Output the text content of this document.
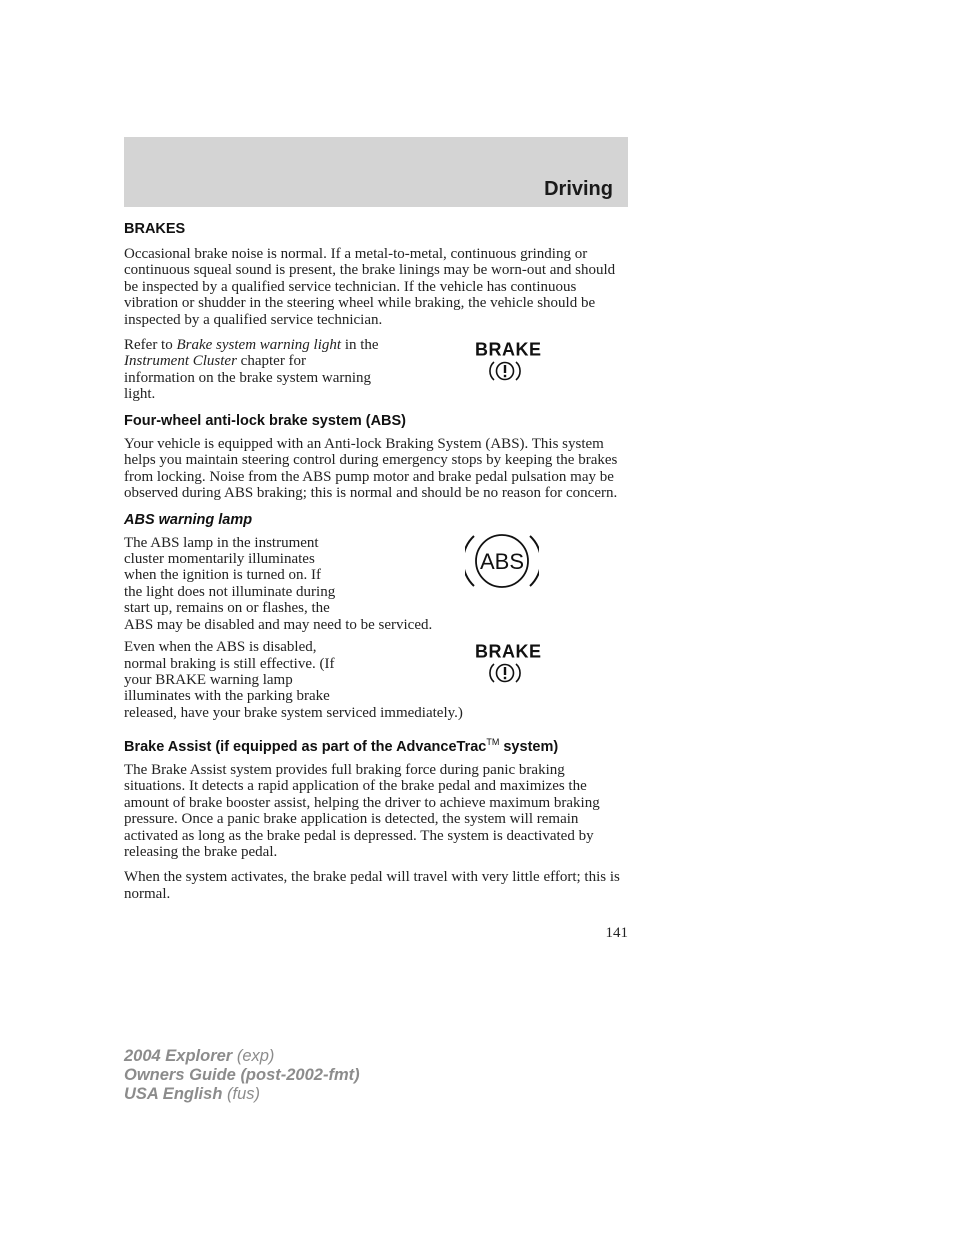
Driving
BRAKES

Occasional brake noise is normal. If a metal-to-metal, continuous grinding or continuous squeal sound is present, the brake linings may be worn-out and should be inspected by a qualified service technician. If the vehicle has continuous vibration or shudder in the steering wheel while braking, the vehicle should be inspected by a qualified service technician.

Refer to Brake system warning light in the Instrument Cluster chapter for information on the brake system warning light.

BRAKE
Four-wheel anti-lock brake system (ABS)

Your vehicle is equipped with an Anti-lock Braking System (ABS). This system helps you maintain steering control during emergency stops by keeping the brakes from locking. Noise from the ABS pump motor and brake pedal pulsation may be observed during ABS braking; this is normal and should be no reason for concern.

ABS warning lamp

The ABS lamp in the instrument
cluster momentarily illuminates
when the ignition is turned on. If
the light does not illuminate during
start up, remains on or flashes, the
ABS may be disabled and may need to be serviced.

ABS

Even when the ABS is disabled,
normal braking is still effective. (If
your BRAKE warning lamp
illuminates with the parking brake
released, have your brake system serviced immediately.)

BRAKE
Brake Assist (if equipped as part of the AdvanceTrac™ system)

The Brake Assist system provides full braking force during panic braking situations. It detects a rapid application of the brake pedal and maximizes the amount of brake booster assist, helping the driver to achieve maximum braking pressure. Once a panic brake application is detected, the system will remain activated as long as the brake pedal is depressed. The system is deactivated by releasing the brake pedal.

When the system activates, the brake pedal will travel with very little effort; this is normal.

141
2004 Explorer (exp)
Owners Guide (post-2002-fmt)
USA English (fus)
